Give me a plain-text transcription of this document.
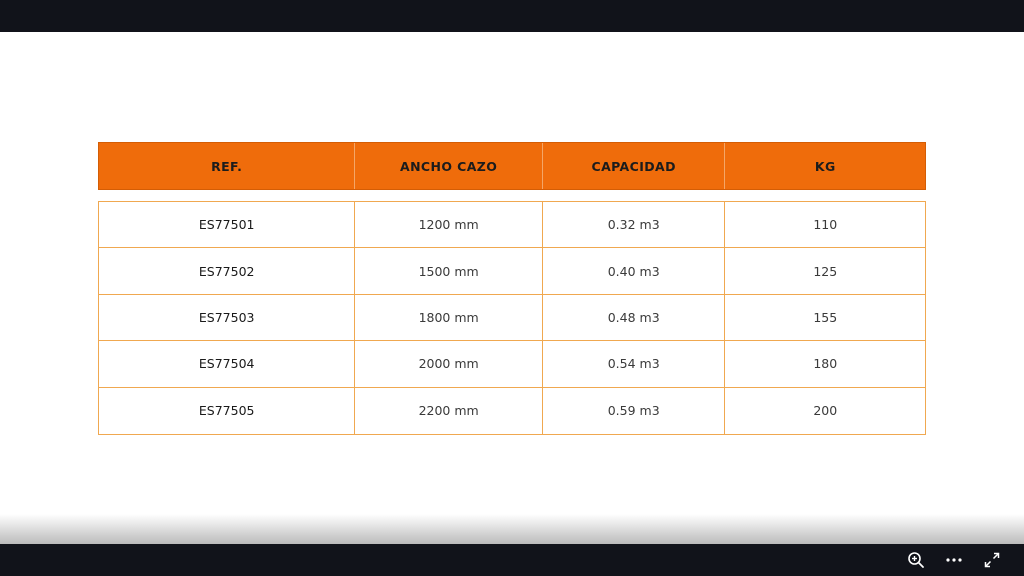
REF.	ANCHO CAZO	CAPACIDAD	KG
ES77501	1200 mm	0.32 m3	110
ES77502	1500 mm	0.40 m3	125
ES77503	1800 mm	0.48 m3	155
ES77504	2000 mm	0.54 m3	180
ES77505	2200 mm	0.59 m3	200
